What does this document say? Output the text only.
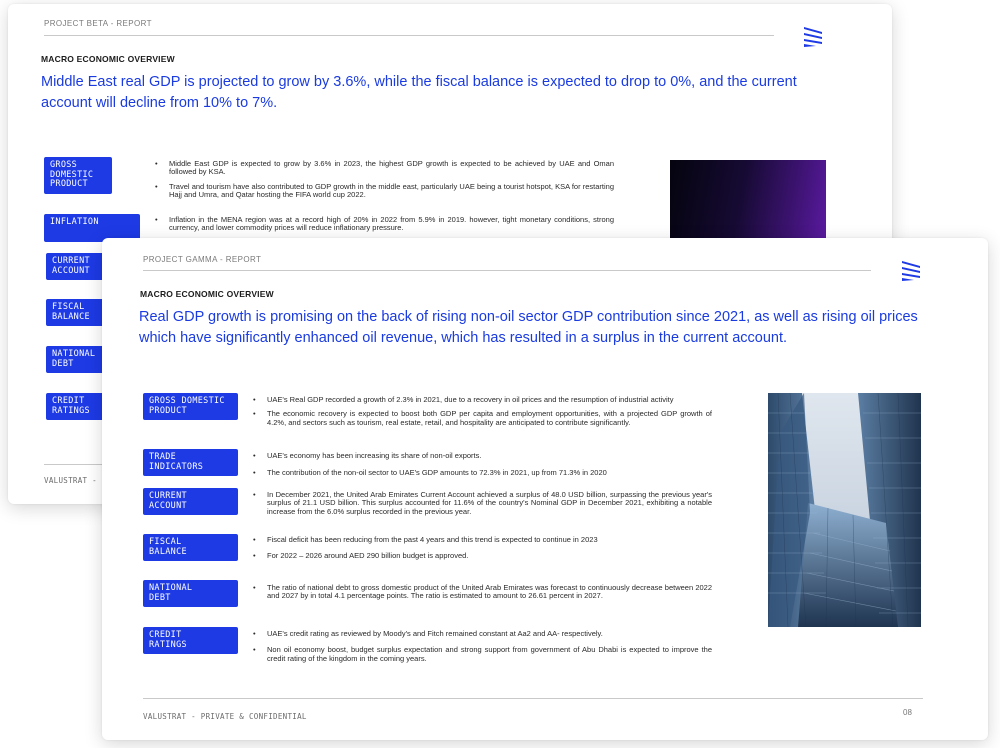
PROJECT BETA - REPORT
MACRO ECONOMIC OVERVIEW
Middle East real GDP is projected to grow by 3.6%, while the fiscal balance is expected to drop to 0%, and the current account will decline from 10% to 7%.
GROSS DOMESTIC
PRODUCT
INFLATION
CURRENT
ACCOUNT
FISCAL
BALANCE
NATIONAL
DEBT
CREDIT
RATINGS
• Middle East GDP is expected to grow by 3.6% in 2023, the highest GDP growth is expected to be achieved by UAE and Oman followed by KSA.
• Travel and tourism have also contributed to GDP growth in the middle east, particularly UAE being a tourist hotspot, KSA for restarting Hajj and Umra, and Qatar hosting the FIFA world cup 2022.
• Inflation in the MENA region was at a record high of 20% in 2022 from 5.9% in 2019. however, tight monetary conditions, strong currency, and lower commodity prices will reduce inflationary pressure.
VALUSTRAT -
PROJECT GAMMA - REPORT
MACRO ECONOMIC OVERVIEW
Real GDP growth is promising on the back of rising non-oil sector GDP contribution since 2021, as well as rising oil prices which have significantly enhanced oil revenue, which has resulted in a surplus in the current account.
GROSS DOMESTIC
PRODUCT
• UAE's Real GDP recorded a growth of 2.3% in 2021, due to a recovery in oil prices and the resumption of industrial activity
• The economic recovery is expected to boost both GDP per capita and employment opportunities, with a projected GDP growth of 4.2%, and sectors such as tourism, real estate, retail, and hospitality are anticipated to contribute significantly.
TRADE
INDICATORS
• UAE's economy has been increasing its share of non-oil exports.
• The contribution of the non-oil sector to UAE's GDP amounts to 72.3% in 2021, up from 71.3% in 2020
CURRENT
ACCOUNT
• In December 2021, the United Arab Emirates Current Account achieved a surplus of 48.0 USD billion, surpassing the previous year's surplus of 21.1 USD billion. This surplus accounted for 11.6% of the country's Nominal GDP in December 2021, exhibiting a notable increase from the 6.0% surplus recorded in the previous year.
FISCAL
BALANCE
• Fiscal deficit has been reducing from the past 4 years and this trend is expected to continue in 2023
• For 2022 – 2026 around AED 290 billion budget is approved.
NATIONAL
DEBT
• The ratio of national debt to gross domestic product of the United Arab Emirates was forecast to continuously decrease between 2022 and 2027 by in total 4.1 percentage points. The ratio is estimated to amount to 26.61 percent in 2027.
CREDIT
RATINGS
• UAE's credit rating as reviewed by Moody's and Fitch remained constant at Aa2 and AA- respectively.
• Non oil economy boost, budget surplus expectation and strong support from government of Abu Dhabi is expected to improve the credit rating of the kingdom in the coming years.
VALUSTRAT - PRIVATE & CONFIDENTIAL	08
